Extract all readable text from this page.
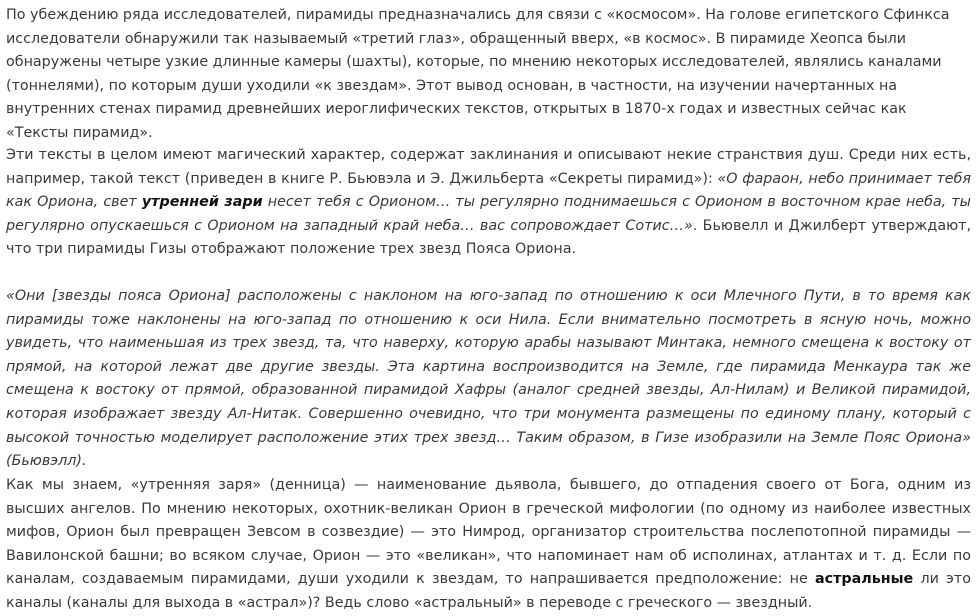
По убеждению ряда исследователей, пирамиды предназначались для связи с «космосом». На голове египетского Сфинкса исследователи обнаружили так называемый «третий глаз», обращенный вверх, «в космос». В пирамиде Хеопса были обнаружены четыре узкие длинные камеры (шахты), которые, по мнению некоторых исследователей, являлись каналами (тоннелями), по которым души уходили «к звездам». Этот вывод основан, в частности, на изучении начертанных на внутренних стенах пирамид древнейших иероглифических текстов, открытых в 1870-х годах и известных сейчас как «Тексты пирамид».

Эти тексты в целом имеют магический характер, содержат заклинания и описывают некие странствия душ. Среди них есть, например, такой текст (приведен в книге Р. Бьювэла и Э. Джильберта «Секреты пирамид»): «О фараон, небо принимает тебя как Ориона, свет утренней зари несет тебя с Орионом… ты регулярно поднимаешься с Орионом в восточном крае неба, ты регулярно опускаешься с Орионом на западный край неба… вас сопровождает Сотис…». Бьювелл и Джилберт утверждают, что три пирамиды Гизы отображают положение трех звезд Пояса Ориона.

«Они [звезды пояса Ориона] расположены с наклоном на юго-запад по отношению к оси Млечного Пути, в то время как пирамиды тоже наклонены на юго-запад по отношению к оси Нила. Если внимательно посмотреть в ясную ночь, можно увидеть, что наименьшая из трех звезд, та, что наверху, которую арабы называют Минтака, немного смещена к востоку от прямой, на которой лежат две другие звезды. Эта картина воспроизводится на Земле, где пирамида Менкаура так же смещена к востоку от прямой, образованной пирамидой Хафры (аналог средней звезды, Ал-Нилам) и Великой пирамидой, которая изображает звезду Ал-Нитак. Совершенно очевидно, что три монумента размещены по единому плану, который с высокой точностью моделирует расположение этих трех звезд… Таким образом, в Гизе изобразили на Земле Пояс Ориона» (Бьювэлл).

Как мы знаем, «утренняя заря» (денница) — наименование дьявола, бывшего, до отпадения своего от Бога, одним из высших ангелов. По мнению некоторых, охотник-великан Орион в греческой мифологии (по одному из наиболее известных мифов, Орион был превращен Зевсом в созвездие) — это Нимрод, организатор строительства послепотопной пирамиды — Вавилонской башни; во всяком случае, Орион — это «великан», что напоминает нам об исполинах, атлантах и т. д. Если по каналам, создаваемым пирамидами, души уходили к звездам, то напрашивается предположение: не астральные ли это каналы (каналы для выхода в «астрал»)? Ведь слово «астральный» в переводе с греческого — звездный.
